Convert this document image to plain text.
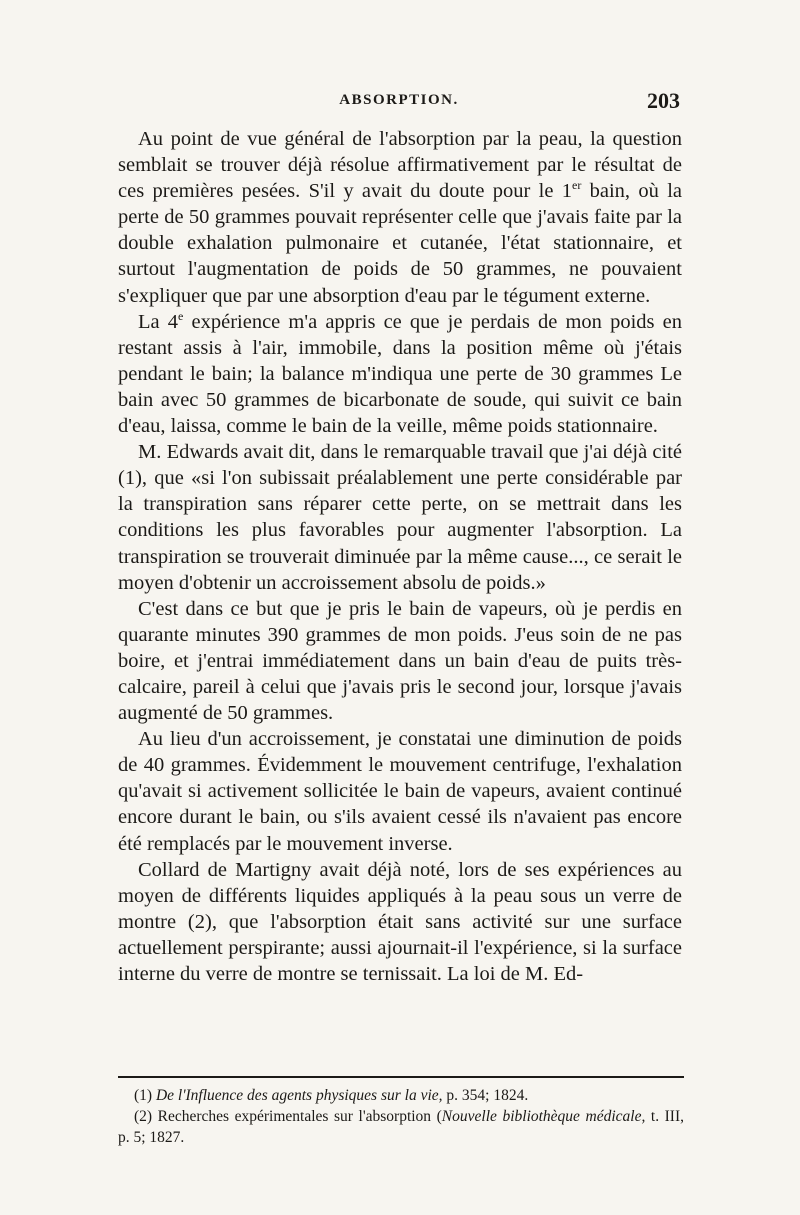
ABSORPTION.	203

Au point de vue général de l'absorption par la peau, la question semblait se trouver déjà résolue affirmativement par le résultat de ces premières pesées. S'il y avait du doute pour le 1er bain, où la perte de 50 grammes pouvait représenter celle que j'avais faite par la double exhalation pulmonaire et cutanée, l'état stationnaire, et surtout l'augmentation de poids de 50 grammes, ne pouvaient s'expliquer que par une absorption d'eau par le tégument externe.

La 4e expérience m'a appris ce que je perdais de mon poids en restant assis à l'air, immobile, dans la position même où j'étais pendant le bain; la balance m'indiqua une perte de 30 grammes Le bain avec 50 grammes de bicarbonate de soude, qui suivit ce bain d'eau, laissa, comme le bain de la veille, même poids stationnaire.

M. Edwards avait dit, dans le remarquable travail que j'ai déjà cité (1), que «si l'on subissait préalablement une perte considérable par la transpiration sans réparer cette perte, on se mettrait dans les conditions les plus favorables pour augmenter l'absorption. La transpiration se trouverait diminuée par la même cause..., ce serait le moyen d'obtenir un accroissement absolu de poids.»

C'est dans ce but que je pris le bain de vapeurs, où je perdis en quarante minutes 390 grammes de mon poids. J'eus soin de ne pas boire, et j'entrai immédiatement dans un bain d'eau de puits très-calcaire, pareil à celui que j'avais pris le second jour, lorsque j'avais augmenté de 50 grammes.

Au lieu d'un accroissement, je constatai une diminution de poids de 40 grammes. Évidemment le mouvement centrifuge, l'exhalation qu'avait si activement sollicitée le bain de vapeurs, avaient continué encore durant le bain, ou s'ils avaient cessé ils n'avaient pas encore été remplacés par le mouvement inverse.

Collard de Martigny avait déjà noté, lors de ses expériences au moyen de différents liquides appliqués à la peau sous un verre de montre (2), que l'absorption était sans activité sur une surface actuellement perspirante; aussi ajournait-il l'expérience, si la surface interne du verre de montre se ternissait. La loi de M. Ed-

(1) De l'Influence des agents physiques sur la vie, p. 354; 1824.

(2) Recherches expérimentales sur l'absorption (Nouvelle bibliothèque médicale, t. III, p. 5; 1827.
